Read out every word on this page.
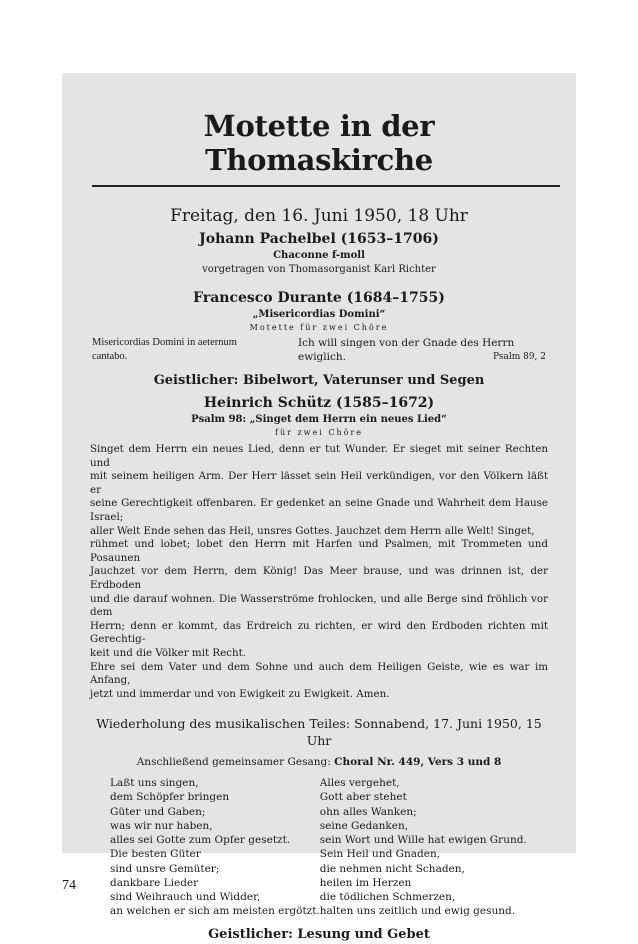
Motette in der Thomaskirche
Freitag, den 16. Juni 1950, 18 Uhr
Johann Pachelbel (1653–1706)
Chaconne f-moll
vorgetragen von Thomasorganist Karl Richter
Francesco Durante (1684–1755)
„Misericordias Domini“
Motette für zwei Chöre
Misericordias Domini in aeternum
cantabo.
Ich will singen von der Gnade des Herrn
ewiglich.	Psalm 89, 2
Geistlicher: Bibelwort, Vaterunser und Segen
Heinrich Schütz (1585–1672)
Psalm 98: „Singet dem Herrn ein neues Lied“
für zwei Chöre

Singet dem Herrn ein neues Lied, denn er tut Wunder. Er sieget mit seiner Rechten und

mit seinem heiligen Arm. Der Herr lässet sein Heil verkündigen, vor den Völkern läßt er

seine Gerechtigkeit offenbaren. Er gedenket an seine Gnade und Wahrheit dem Hause Israel;

aller Welt Ende sehen das Heil, unsres Gottes. Jauchzet dem Herrn alle Welt! Singet,

rühmet und lobet; lobet den Herrn mit Harfen und Psalmen, mit Trommeten und Posaunen

Jauchzet vor dem Herrn, dem König! Das Meer brause, und was drinnen ist, der Erdboden

und die darauf wohnen. Die Wasserströme frohlocken, und alle Berge sind fröhlich vor dem

Herrn; denn er kommt, das Erdreich zu richten, er wird den Erdboden richten mit Gerechtig-

keit und die Völker mit Recht.

Ehre sei dem Vater und dem Sohne und auch dem Heiligen Geiste, wie es war im Anfang,

jetzt und immerdar und von Ewigkeit zu Ewigkeit. Amen.

Wiederholung des musikalischen Teiles: Sonnabend, 17. Juni 1950, 15 Uhr
Anschließend gemeinsamer Gesang: Choral Nr. 449, Vers 3 und 8
Laßt uns singen,
dem Schöpfer bringen
Güter und Gaben;
was wir nur haben,
alles sei Gotte zum Opfer gesetzt.
Die besten Güter
sind unsre Gemüter;
dankbare Lieder
sind Weihrauch und Widder,
an welchen er sich am meisten ergötzt.
Alles vergehet,
Gott aber stehet
ohn alles Wanken;
seine Gedanken,
sein Wort und Wille hat ewigen Grund.
Sein Heil und Gnaden,
die nehmen nicht Schaden,
heilen im Herzen
die tödlichen Schmerzen,
halten uns zeitlich und ewig gesund.
Geistlicher: Lesung und Gebet
74
